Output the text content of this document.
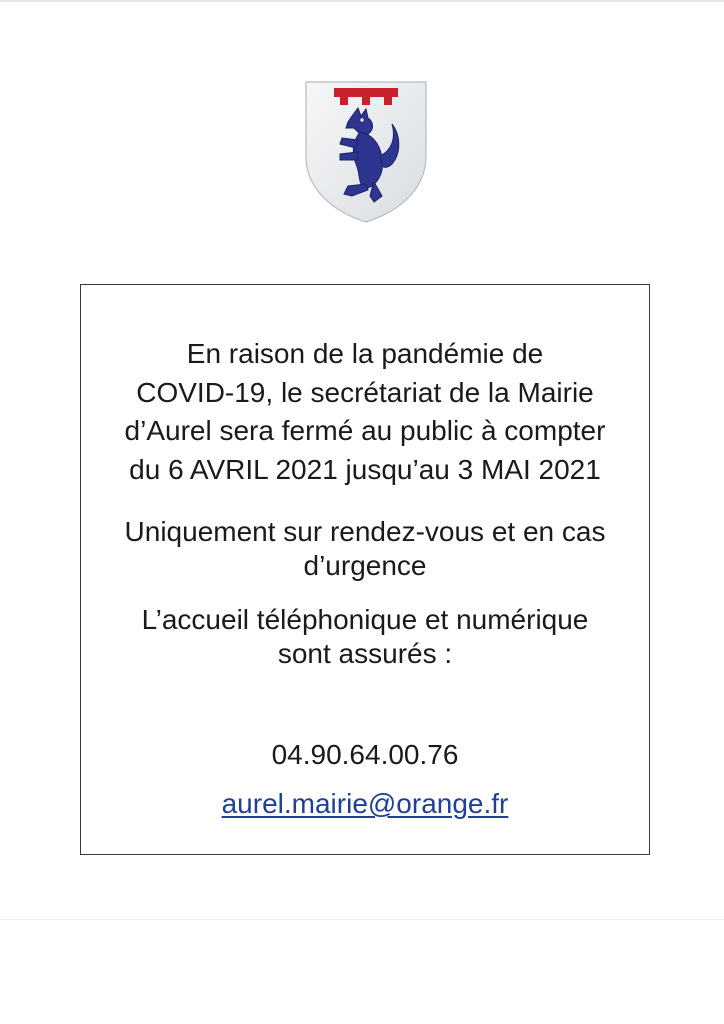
En raison de la pandémie de
COVID-19, le secrétariat de la Mairie
d’Aurel sera fermé au public à compter
du 6 AVRIL 2021 jusqu’au 3 MAI 2021

Uniquement sur rendez-vous et en cas
d’urgence

L’accueil téléphonique et numérique
sont assurés :

04.90.64.00.76
aurel.mairie@orange.fr
